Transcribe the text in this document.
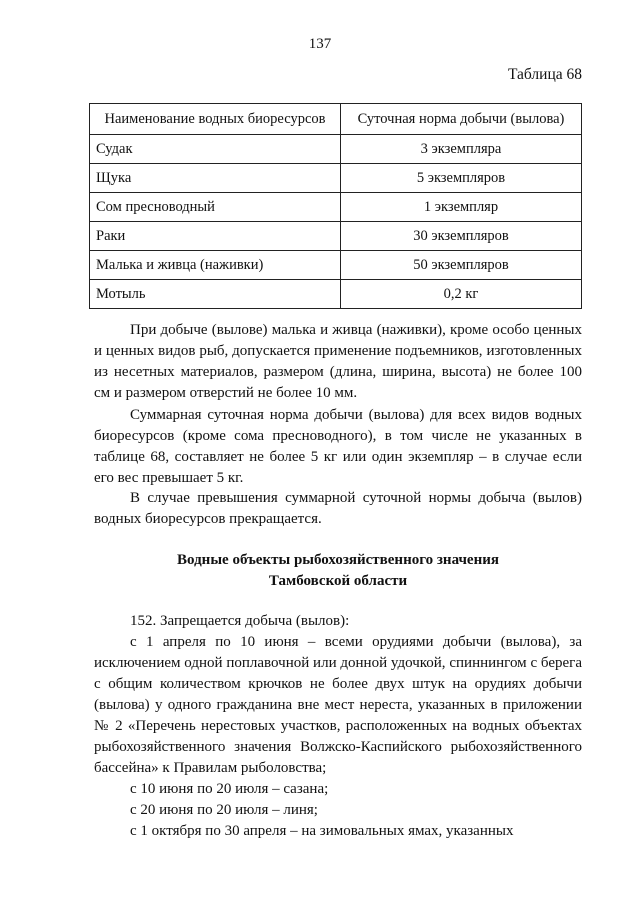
137
Таблица 68
Наименование водных биоресурсов	Суточная норма добычи (вылова)
Судак	3 экземпляра
Щука	5 экземпляров
Сом пресноводный	1 экземпляр
Раки	30 экземпляров
Малька и живца (наживки)	50 экземпляров
Мотыль	0,2 кг

При добыче (вылове) малька и живца (наживки), кроме особо ценных и ценных видов рыб, допускается применение подъемников, изготовленных из несетных материалов, размером (длина, ширина, высота) не более 100 см и размером отверстий не более 10 мм.

Суммарная суточная норма добычи (вылова) для всех видов водных биоресурсов (кроме сома пресноводного), в том числе не указанных в таблице 68, составляет не более 5 кг или один экземпляр – в случае если его вес превышает 5 кг.

В случае превышения суммарной суточной нормы добыча (вылов) водных биоресурсов прекращается.

Водные объекты рыбохозяйственного значения
Тамбовской области

152. Запрещается добыча (вылов):

с 1 апреля по 10 июня – всеми орудиями добычи (вылова), за исключением одной поплавочной или донной удочкой, спиннингом с берега с общим количеством крючков не более двух штук на орудиях добычи (вылова) у одного гражданина вне мест нереста, указанных в приложении № 2 «Перечень нерестовых участков, расположенных на водных объектах рыбохозяйственного значения Волжско-Каспийского рыбохозяйственного бассейна» к Правилам рыболовства;

с 10 июня по 20 июля – сазана;

с 20 июня по 20 июля – линя;

с 1 октября по 30 апреля – на зимовальных ямах, указанных
